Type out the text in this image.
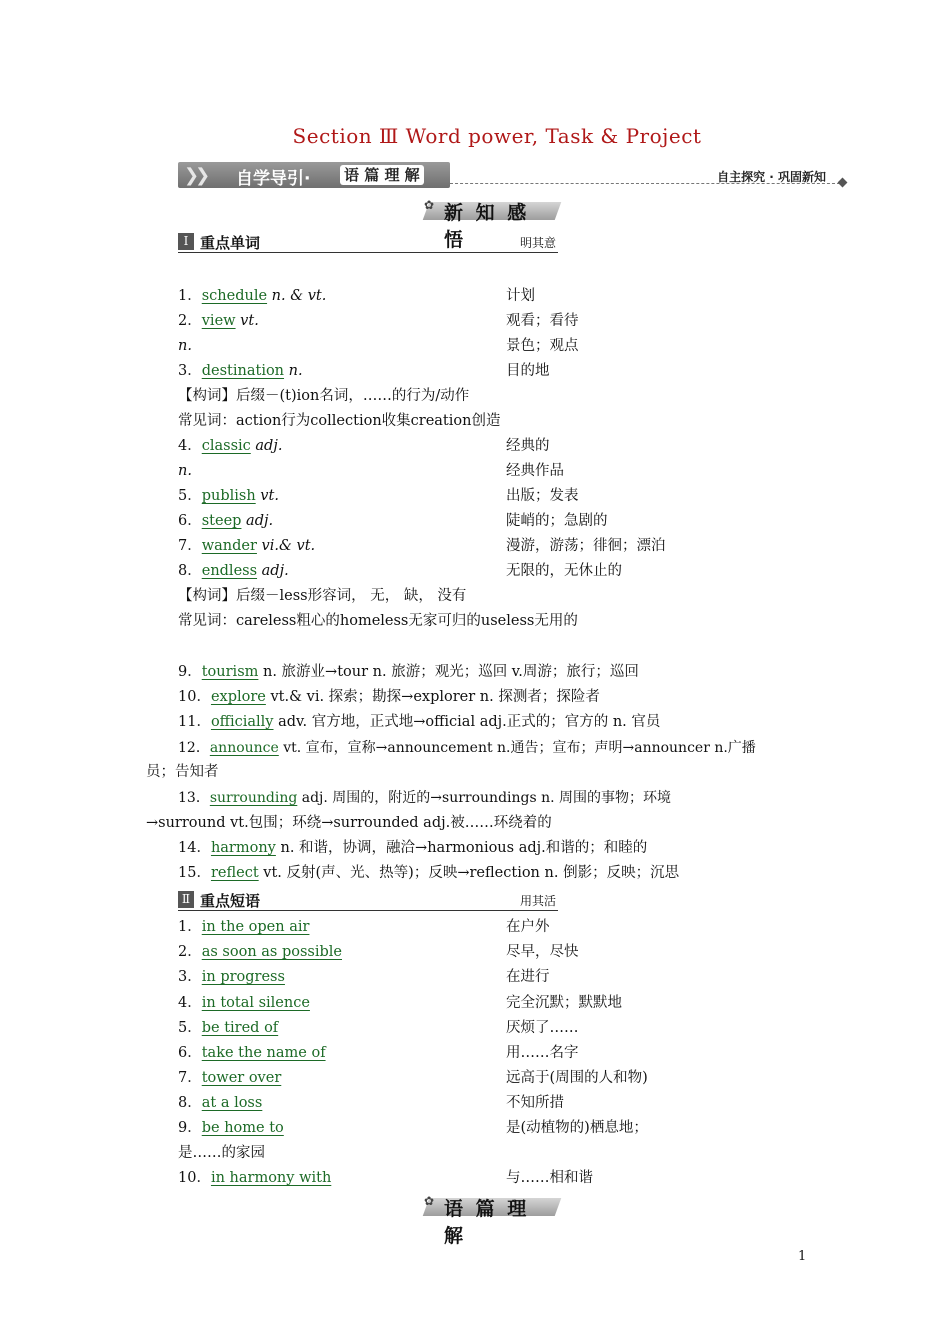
Section Ⅲ Word power, Task & Project
❯❯ 自学导引· 语 篇 理 解	自主探究 · 巩固新知
✿ 新 知 感 悟
Ⅰ 重点单词	明其意
1．schedule n. & vt.	计划
2．view vt.	观看；看待
n.	景色；观点
3．destination n.	目的地
【构词】后缀－(t)ion名词，……的行为/动作
常见词：action行为collection收集creation创造
4．classic adj.	经典的
n.	经典作品
5．publish vt.	出版；发表
6．steep adj.	陡峭的；急剧的
7．wander vi.& vt.	漫游，游荡；徘徊；漂泊
8．endless adj.	无限的，无休止的
【构词】后缀－less形容词， 无， 缺， 没有
常见词：careless粗心的homeless无家可归的useless无用的
9．tourism n. 旅游业→tour n. 旅游；观光；巡回 v.周游；旅行；巡回
10．explore vt.& vi. 探索；勘探→explorer n. 探测者；探险者
11．officially adv. 官方地，正式地→official adj.正式的；官方的 n. 官员
12．announce vt. 宣布，宣称→announcement n.通告；宣布；声明→announcer n.广播
员；告知者
13．surrounding adj. 周围的，附近的→surroundings n. 周围的事物；环境
→surround vt.包围；环绕→surrounded adj.被……环绕着的
14．harmony n. 和谐，协调，融洽→harmonious adj.和谐的；和睦的
15．reflect vt. 反射(声、光、热等)；反映→reflection n. 倒影；反映；沉思
Ⅱ 重点短语	用其活
1．in the open air	在户外
2．as soon as possible	尽早，尽快
3．in progress	在进行
4．in total silence	完全沉默；默默地
5．be tired of	厌烦了……
6．take the name of	用……名字
7．tower over	远高于(周围的人和物)
8．at a loss	不知所措
9．be home to	是(动植物的)栖息地；
是……的家园
10．in harmony with	与……相和谐
✿ 语 篇 理 解
1
